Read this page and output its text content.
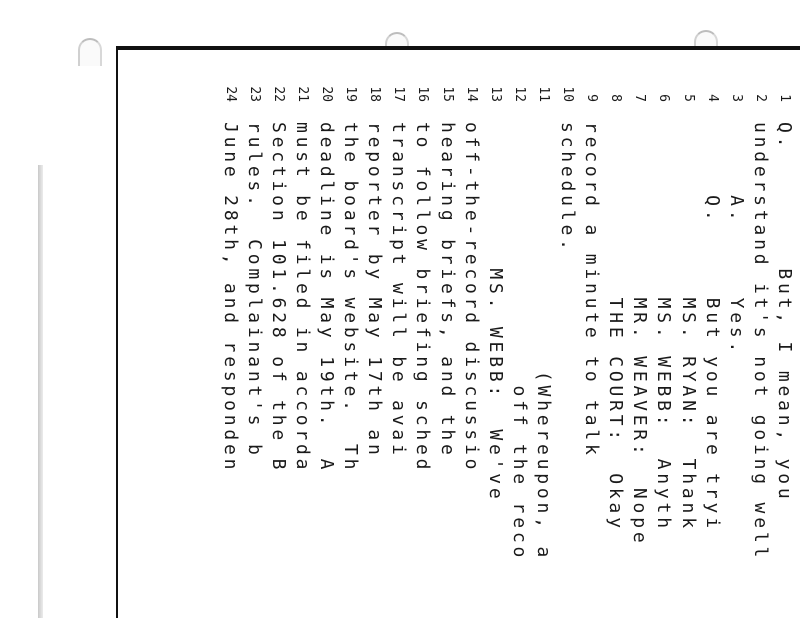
1
Q.        But, I mean, you
2
understand it's not going well
3
A.     Yes.
4
Q.     But you are tryi
5
MS. RYAN:  Thank
6
MS. WEBB:  Anyth
7
MR. WEAVER:  Nope
8
THE COURT:  Okay
9
record a minute to talk
10
schedule.
11
(Whereupon, a
12
off the reco
13
MS. WEBB:  We've
14
off-the-record discussio
15
hearing briefs, and the
16
to follow briefing sched
17
transcript will be avai
18
reporter by May 17th an
19
the board's website.  Th
20
deadline is May 19th.  A
21
must be filed in accorda
22
Section 101.628 of the B
23
rules.  Complainant's b
24
June 28th, and responden
